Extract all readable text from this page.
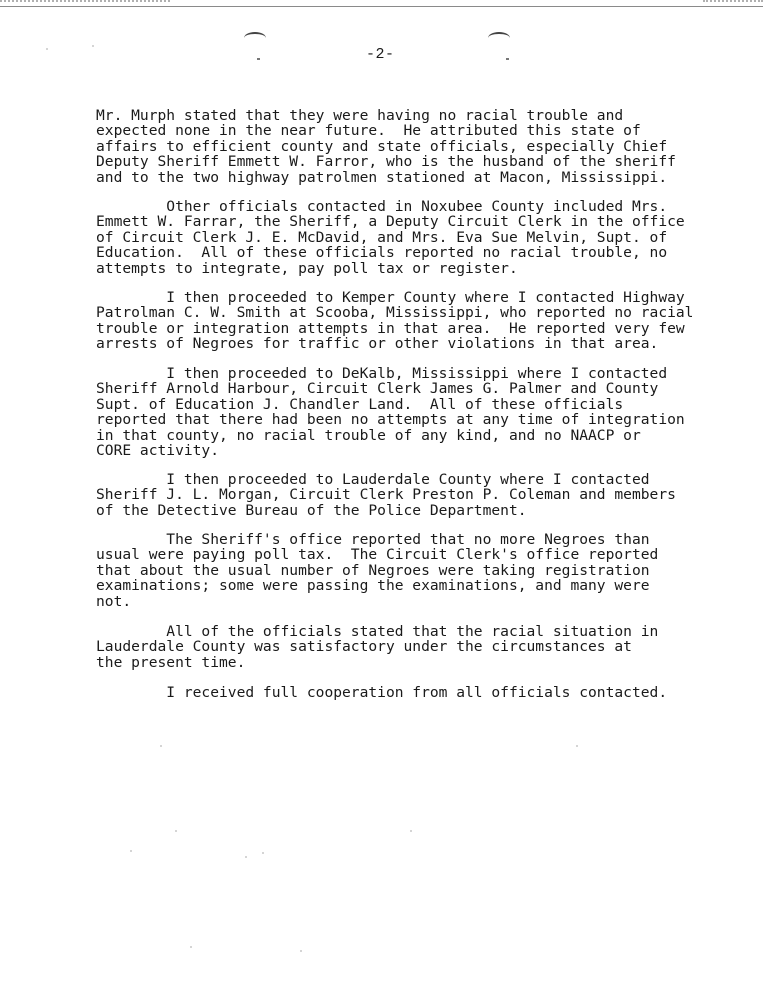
-2-
Mr. Murph stated that they were having no racial trouble and
expected none in the near future.  He attributed this state of
affairs to efficient county and state officials, especially Chief
Deputy Sheriff Emmett W. Farror, who is the husband of the sheriff
and to the two highway patrolmen stationed at Macon, Mississippi.
Other officials contacted in Noxubee County included Mrs.
Emmett W. Farrar, the Sheriff, a Deputy Circuit Clerk in the office
of Circuit Clerk J. E. McDavid, and Mrs. Eva Sue Melvin, Supt. of
Education.  All of these officials reported no racial trouble, no
attempts to integrate, pay poll tax or register.
I then proceeded to Kemper County where I contacted Highway
Patrolman C. W. Smith at Scooba, Mississippi, who reported no racial
trouble or integration attempts in that area.  He reported very few
arrests of Negroes for traffic or other violations in that area.
I then proceeded to DeKalb, Mississippi where I contacted
Sheriff Arnold Harbour, Circuit Clerk James G. Palmer and County
Supt. of Education J. Chandler Land.  All of these officials
reported that there had been no attempts at any time of integration
in that county, no racial trouble of any kind, and no NAACP or
CORE activity.
I then proceeded to Lauderdale County where I contacted
Sheriff J. L. Morgan, Circuit Clerk Preston P. Coleman and members
of the Detective Bureau of the Police Department.
The Sheriff's office reported that no more Negroes than
usual were paying poll tax.  The Circuit Clerk's office reported
that about the usual number of Negroes were taking registration
examinations; some were passing the examinations, and many were
not.
All of the officials stated that the racial situation in
Lauderdale County was satisfactory under the circumstances at
the present time.
I received full cooperation from all officials contacted.
